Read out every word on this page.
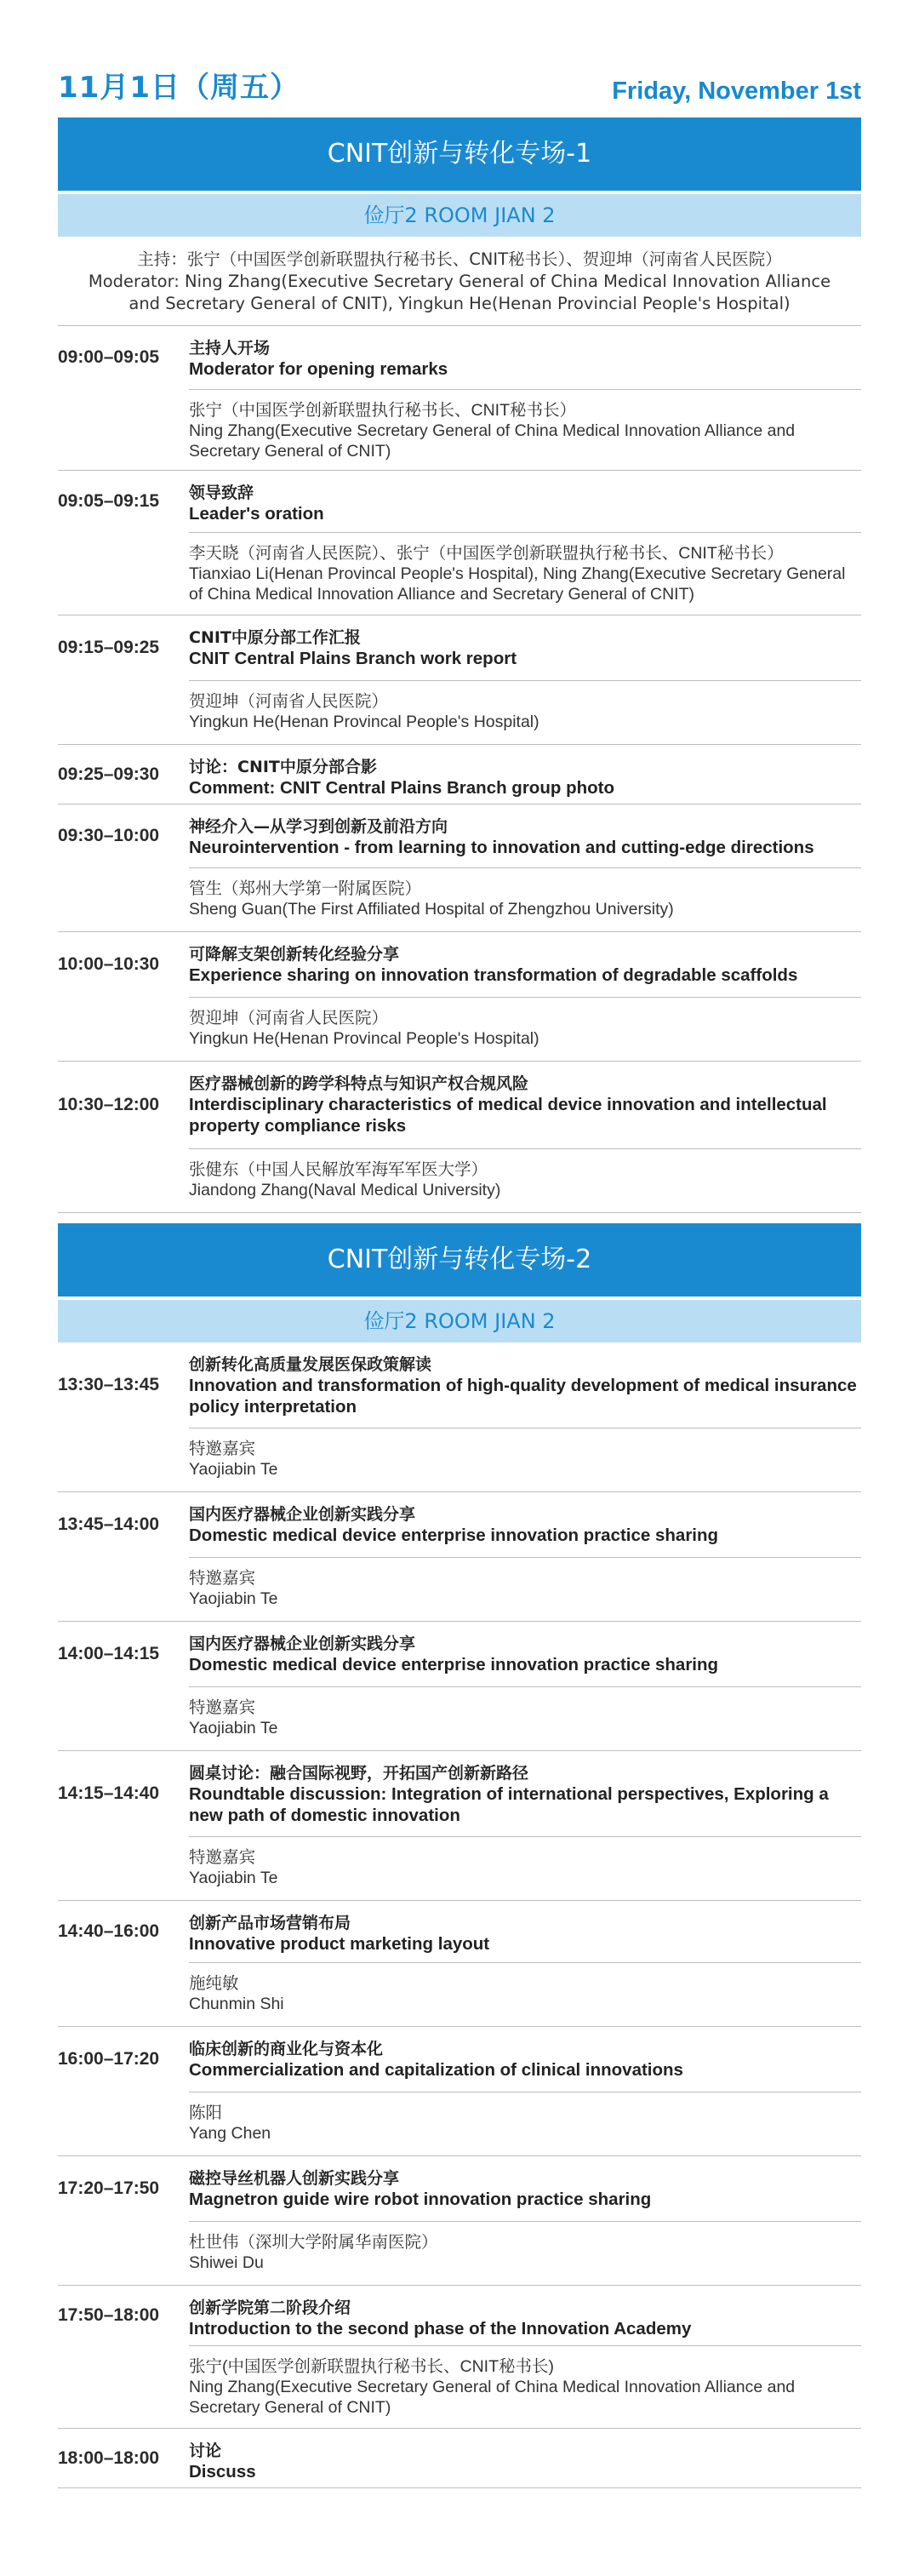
11月1日（周五）	Friday, November 1st
CNIT创新与转化专场-1
俭厅2 ROOM JIAN 2
主持：张宁（中国医学创新联盟执行秘书长、CNIT秘书长）、贺迎坤（河南省人民医院）
Moderator: Ning Zhang(Executive Secretary General of China Medical Innovation Alliance
and Secretary General of CNIT), Yingkun He(Henan Provincial People's Hospital)
09:00–09:05	主持人开场
Moderator for opening remarks
张宁（中国医学创新联盟执行秘书长、CNIT秘书长）
Ning Zhang(Executive Secretary General of China Medical Innovation Alliance and Secretary General of CNIT)
09:05–09:15	领导致辞
Leader's oration
李天晓（河南省人民医院）、张宁（中国医学创新联盟执行秘书长、CNIT秘书长）
Tianxiao Li(Henan Provincal People's Hospital), Ning Zhang(Executive Secretary General of China Medical Innovation Alliance and Secretary General of CNIT)
09:15–09:25	CNIT中原分部工作汇报
CNIT Central Plains Branch work report
贺迎坤（河南省人民医院）
Yingkun He(Henan Provincal People's Hospital)
09:25–09:30	讨论：CNIT中原分部合影
Comment: CNIT Central Plains Branch group photo
09:30–10:00	神经介入—从学习到创新及前沿方向
Neurointervention - from learning to innovation and cutting-edge directions
管生（郑州大学第一附属医院）
Sheng Guan(The First Affiliated Hospital of Zhengzhou University)
10:00–10:30	可降解支架创新转化经验分享
Experience sharing on innovation transformation of degradable scaffolds
贺迎坤（河南省人民医院）
Yingkun He(Henan Provincal People's Hospital)
10:30–12:00
医疗器械创新的跨学科特点与知识产权合规风险
Interdisciplinary characteristics of medical device innovation and intellectual property compliance risks
张健东（中国人民解放军海军军医大学）
Jiandong Zhang(Naval Medical University)
CNIT创新与转化专场-2
俭厅2 ROOM JIAN 2
13:30–13:45
创新转化高质量发展医保政策解读
Innovation and transformation of high-quality development of medical insurance policy interpretation
特邀嘉宾
Yaojiabin Te
13:45–14:00	国内医疗器械企业创新实践分享
Domestic medical device enterprise innovation practice sharing
特邀嘉宾
Yaojiabin Te
14:00–14:15	国内医疗器械企业创新实践分享
Domestic medical device enterprise innovation practice sharing
特邀嘉宾
Yaojiabin Te
14:15–14:40
圆桌讨论：融合国际视野，开拓国产创新新路径
Roundtable discussion: Integration of international perspectives, Exploring a new path of domestic innovation
特邀嘉宾
Yaojiabin Te
14:40–16:00	创新产品市场营销布局
Innovative product marketing layout
施纯敏
Chunmin Shi
16:00–17:20	临床创新的商业化与资本化
Commercialization and capitalization of clinical innovations
陈阳
Yang Chen
17:20–17:50	磁控导丝机器人创新实践分享
Magnetron guide wire robot innovation practice sharing
杜世伟（深圳大学附属华南医院）
Shiwei Du
17:50–18:00	创新学院第二阶段介绍
Introduction to the second phase of the Innovation Academy
张宁(中国医学创新联盟执行秘书长、CNIT秘书长)
Ning Zhang(Executive Secretary General of China Medical Innovation Alliance and Secretary General of CNIT)
18:00–18:00	讨论
Discuss
